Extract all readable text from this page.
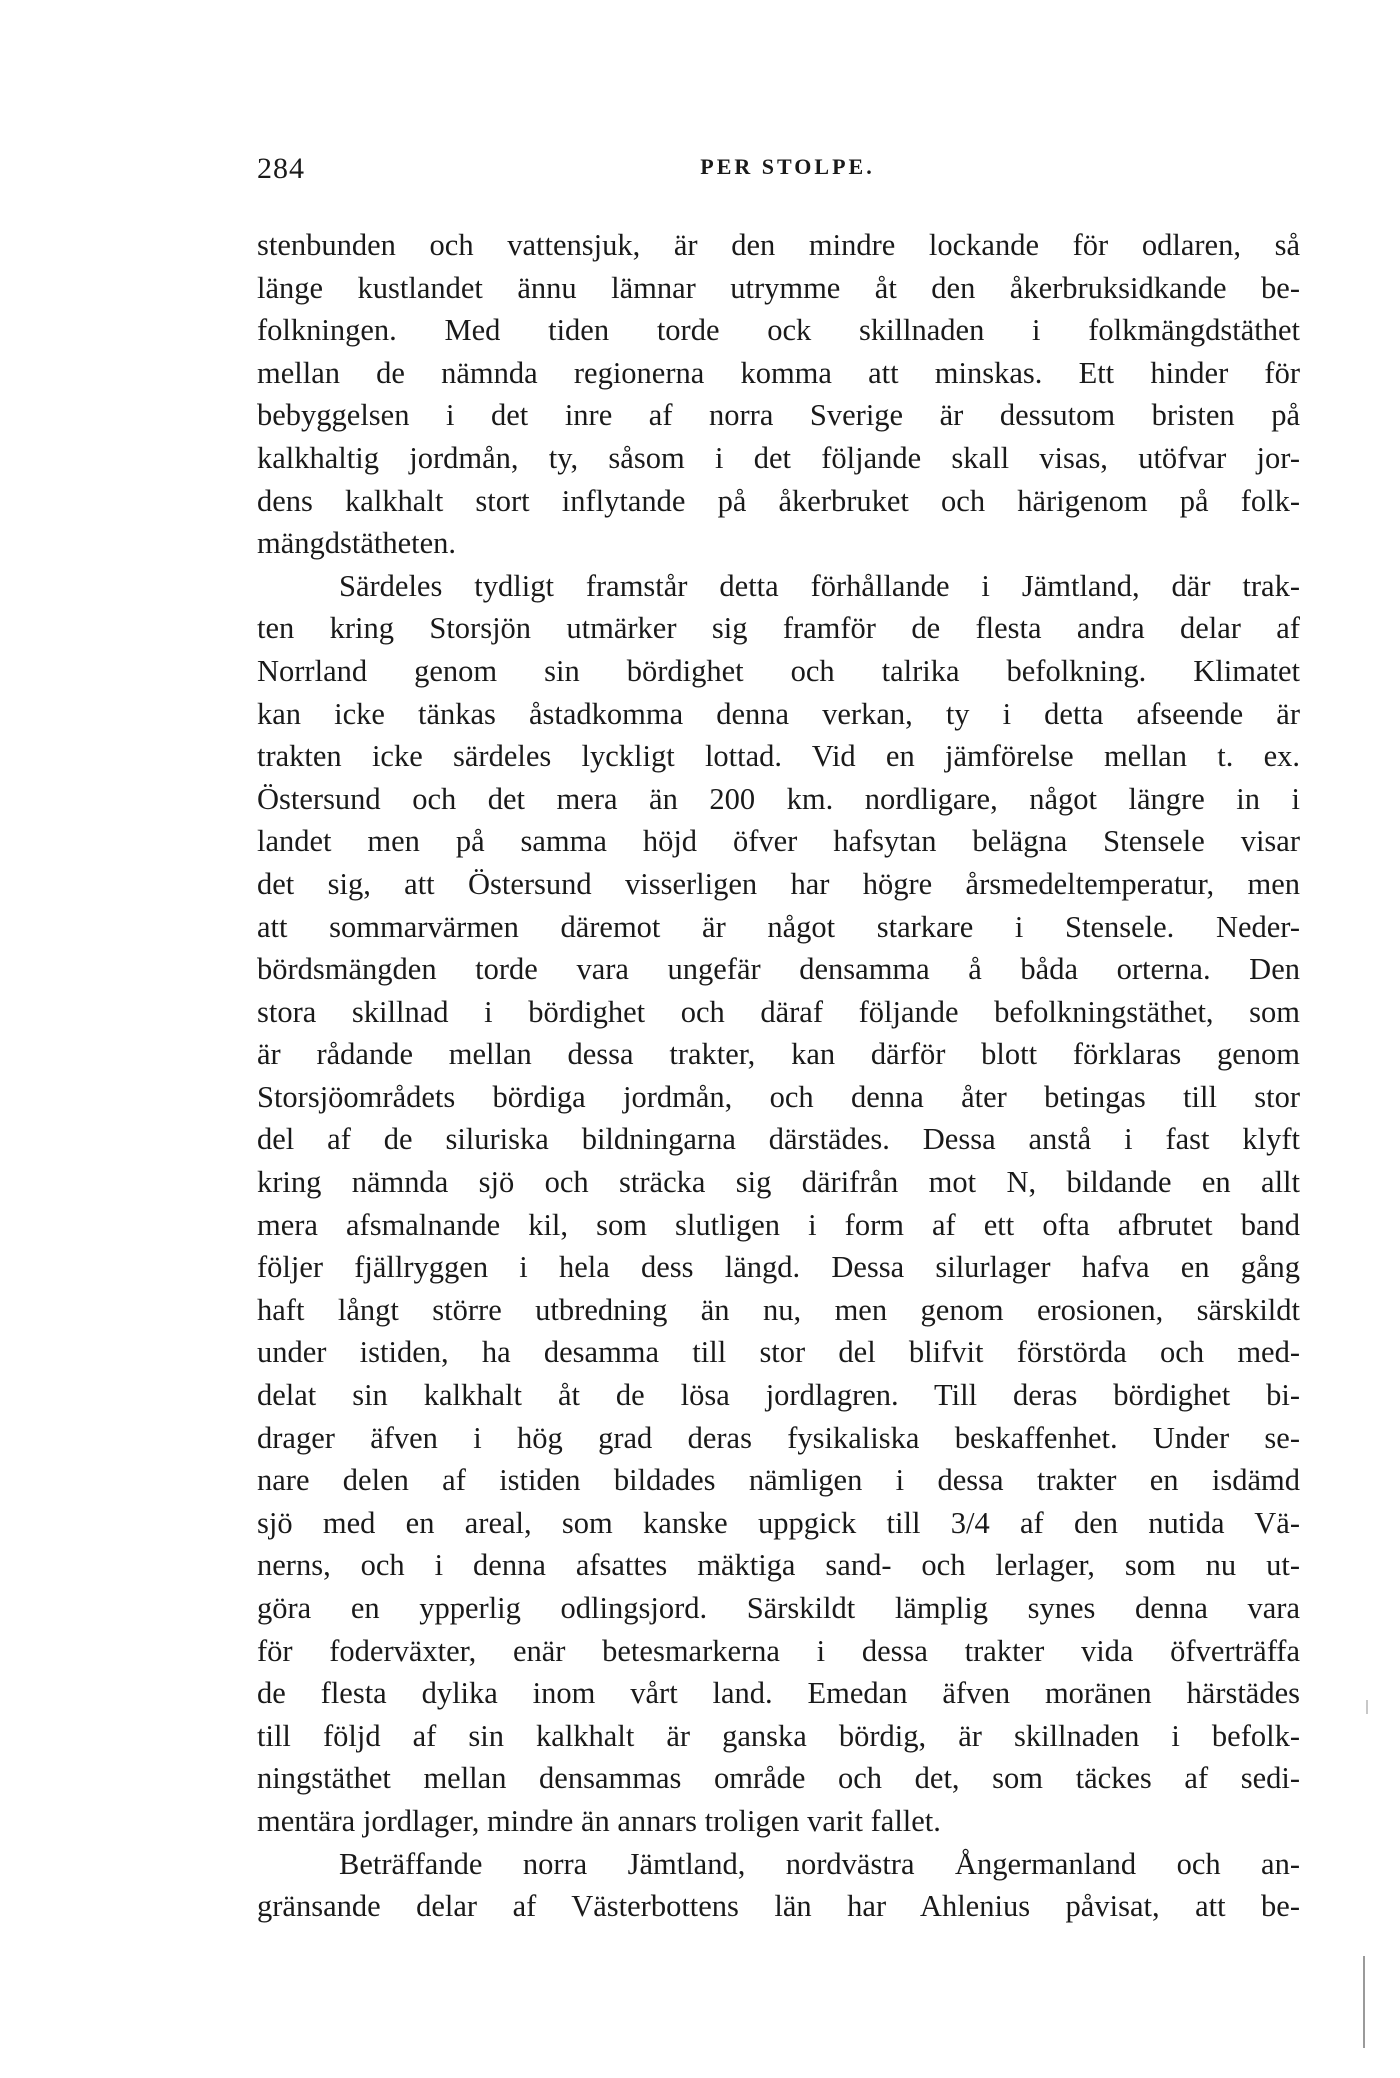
284	PER STOLPE.
stenbunden och vattensjuk, är den mindre lockande för odlaren, så
länge kustlandet ännu lämnar utrymme åt den åkerbruksidkande be-
folkningen. Med tiden torde ock skillnaden i folkmängdstäthet
mellan de nämnda regionerna komma att minskas. Ett hinder för
bebyggelsen i det inre af norra Sverige är dessutom bristen på
kalkhaltig jordmån, ty, såsom i det följande skall visas, utöfvar jor-
dens kalkhalt stort inflytande på åkerbruket och härigenom på folk-
mängdstätheten.
Särdeles tydligt framstår detta förhållande i Jämtland, där trak-
ten kring Storsjön utmärker sig framför de flesta andra delar af
Norrland genom sin bördighet och talrika befolkning. Klimatet
kan icke tänkas åstadkomma denna verkan, ty i detta afseende är
trakten icke särdeles lyckligt lottad. Vid en jämförelse mellan t. ex.
Östersund och det mera än 200 km. nordligare, något längre in i
landet men på samma höjd öfver hafsytan belägna Stensele visar
det sig, att Östersund visserligen har högre årsmedeltemperatur, men
att sommarvärmen däremot är något starkare i Stensele. Neder-
bördsmängden torde vara ungefär densamma å båda orterna. Den
stora skillnad i bördighet och däraf följande befolkningstäthet, som
är rådande mellan dessa trakter, kan därför blott förklaras genom
Storsjöområdets bördiga jordmån, och denna åter betingas till stor
del af de siluriska bildningarna därstädes. Dessa anstå i fast klyft
kring nämnda sjö och sträcka sig därifrån mot N, bildande en allt
mera afsmalnande kil, som slutligen i form af ett ofta afbrutet band
följer fjällryggen i hela dess längd. Dessa silurlager hafva en gång
haft långt större utbredning än nu, men genom erosionen, särskildt
under istiden, ha desamma till stor del blifvit förstörda och med-
delat sin kalkhalt åt de lösa jordlagren. Till deras bördighet bi-
drager äfven i hög grad deras fysikaliska beskaffenhet. Under se-
nare delen af istiden bildades nämligen i dessa trakter en isdämd
sjö med en areal, som kanske uppgick till 3/4 af den nutida Vä-
nerns, och i denna afsattes mäktiga sand- och lerlager, som nu ut-
göra en ypperlig odlingsjord. Särskildt lämplig synes denna vara
för foderväxter, enär betesmarkerna i dessa trakter vida öfverträffa
de flesta dylika inom vårt land. Emedan äfven moränen härstädes
till följd af sin kalkhalt är ganska bördig, är skillnaden i befolk-
ningstäthet mellan densammas område och det, som täckes af sedi-
mentära jordlager, mindre än annars troligen varit fallet.
Beträffande norra Jämtland, nordvästra Ångermanland och an-
gränsande delar af Västerbottens län har Ahlenius påvisat, att be-
